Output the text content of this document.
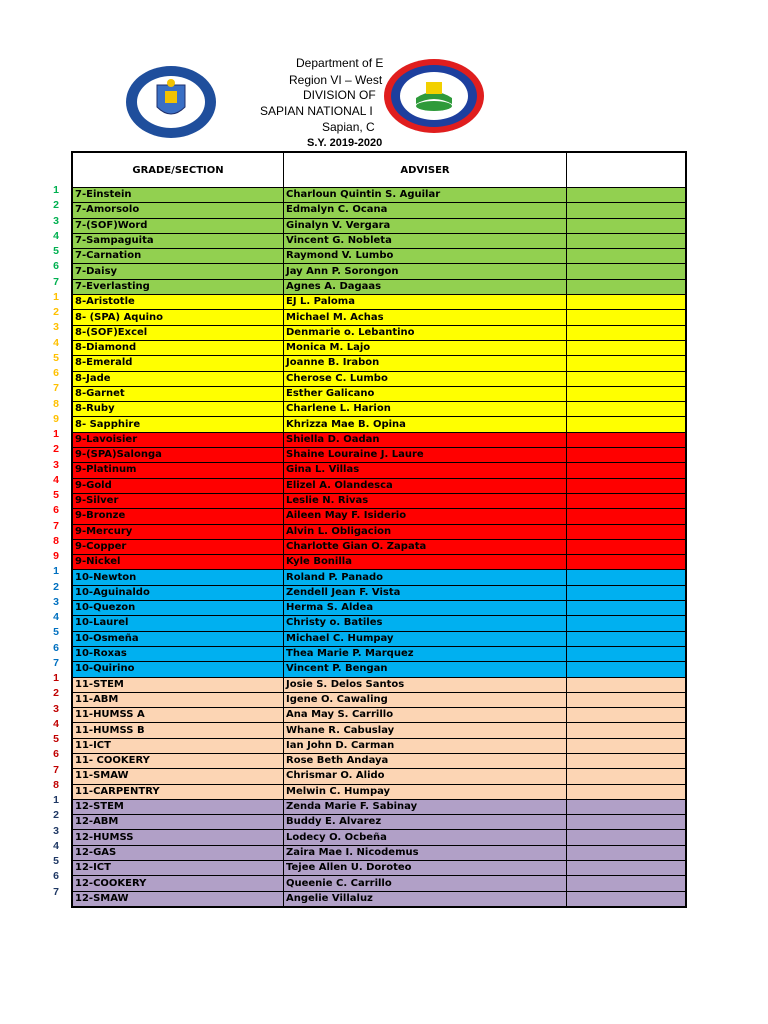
Department of E
Region VI – West
DIVISION OF
SAPIAN NATIONAL I
Sapian, C
S.Y. 2019-2020
1
2
3
4
5
6
7
1
2
3
4
5
6
7
8
9
1
2
3
4
5
6
7
8
9
1
2
3
4
5
6
7
1
2
3
4
5
6
7
8
1
2
3
4
5
6
7
GRADE/SECTION	ADVISER	
7-Einstein	Charloun Quintin S. Aguilar	
7-Amorsolo	Edmalyn C. Ocana	
7-(SOF)Word	Ginalyn V. Vergara	
7-Sampaguita	Vincent G. Nobleta	
7-Carnation	Raymond V. Lumbo	
7-Daisy	Jay Ann P. Sorongon	
7-Everlasting	Agnes A. Dagaas	
8-Aristotle	EJ L. Paloma	
8- (SPA) Aquino	Michael M. Achas	
8-(SOF)Excel	Denmarie o. Lebantino	
8-Diamond	Monica M. Lajo	
8-Emerald	Joanne B. Irabon	
8-Jade	Cherose C. Lumbo	
8-Garnet	Esther Galicano	
8-Ruby	Charlene L. Harion	
8- Sapphire	Khrizza Mae B. Opina	
9-Lavoisier	Shiella D. Oadan	
9-(SPA)Salonga	Shaine Louraine J. Laure	
9-Platinum	Gina L. Villas	
9-Gold	Elizel A. Olandesca	
9-Silver	Leslie N. Rivas	
9-Bronze	Aileen May F. Isiderio	
9-Mercury	Alvin L. Obligacion	
9-Copper	Charlotte Gian O. Zapata	
9-Nickel	Kyle Bonilla	
10-Newton	Roland P. Panado	
10-Aguinaldo	Zendell Jean F. Vista	
10-Quezon	Herma S. Aldea	
10-Laurel	Christy o. Batiles	
10-Osmeña	Michael C. Humpay	
10-Roxas	Thea Marie P. Marquez	
10-Quirino	Vincent P. Bengan	
11-STEM	Josie S. Delos Santos	
11-ABM	Igene O. Cawaling	
11-HUMSS A	Ana May S. Carrillo	
11-HUMSS B	Whane R. Cabuslay	
11-ICT	Ian John D. Carman	
11- COOKERY	Rose Beth Andaya	
11-SMAW	Chrismar O. Alido	
11-CARPENTRY	Melwin C. Humpay	
12-STEM	Zenda Marie F. Sabinay	
12-ABM	Buddy E. Alvarez	
12-HUMSS	Lodecy O. Ocbeña	
12-GAS	Zaira Mae I. Nicodemus	
12-ICT	Tejee Allen U. Doroteo	
12-COOKERY	Queenie C. Carrillo	
12-SMAW	Angelie Villaluz	
